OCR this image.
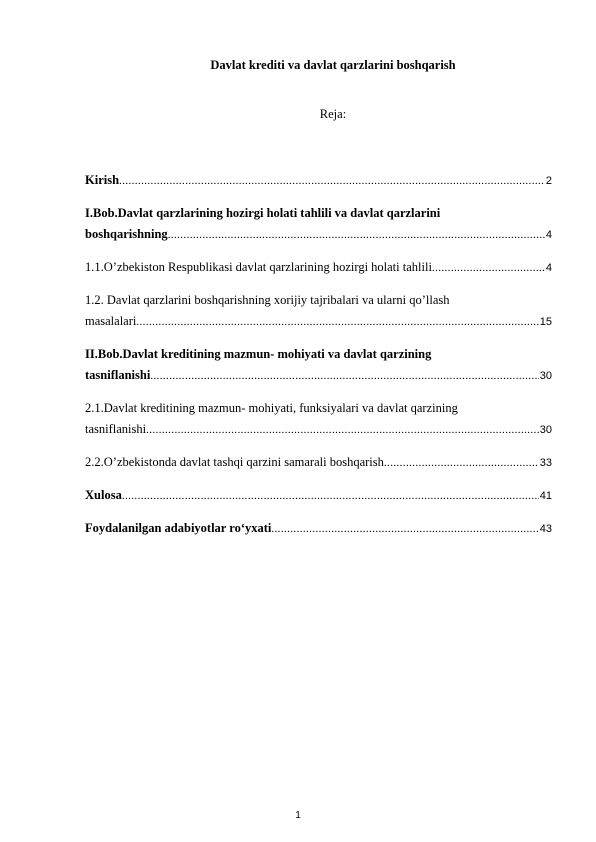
Davlat krediti va davlat qarzlarini boshqarish
Reja:
Kirish .....	2
I.Bob.Davlat qarzlarining hozirgi holati tahlili va davlat qarzlarini
boshqarishning .....	4
1.1.O’zbekiston Respublikasi davlat qarzlarining hozirgi holati tahlili .....	4
1.2. Davlat qarzlarini boshqarishning xorijiy tajribalari va ularni qo’llash
masalalari .....	15
II.Bob.Davlat kreditining mazmun- mohiyati va davlat qarzining
tasniflanishi .....	30
2.1.Davlat kreditining mazmun- mohiyati, funksiyalari va davlat qarzining
tasniflanishi .....	30
2.2.O’zbekistonda davlat tashqi qarzini samarali boshqarish .....	33
Xulosa .....	41
Foydalanilgan adabiyotlar ro‘yxati .....	43
1
